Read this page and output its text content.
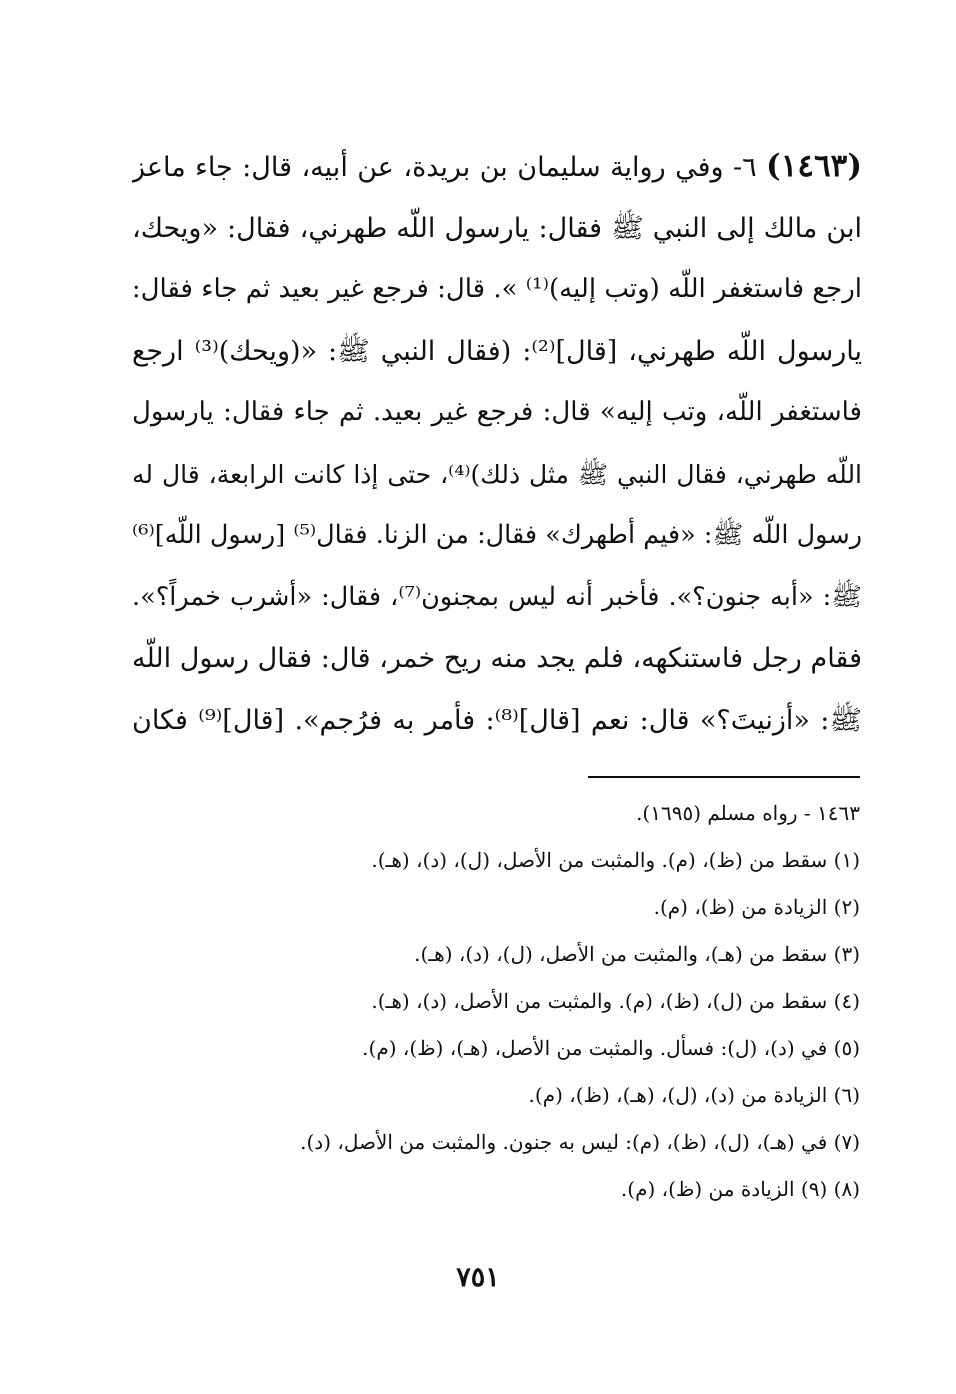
(١٤٦٣) ٦- وفي رواية سليمان بن بريدة، عن أبيه، قال: جاء ماعز
ابن مالك إلى النبي ﷺ فقال: يارسول اللّه طهرني، فقال: «ويحك،
ارجع فاستغفر اللّه (وتب إليه)⁽¹⁾ ». قال: فرجع غير بعيد ثم جاء فقال:
يارسول اللّه طهرني، [قال]⁽²⁾: (فقال النبي ﷺ: «(ويحك)⁽³⁾ ارجع
فاستغفر اللّه، وتب إليه» قال: فرجع غير بعيد. ثم جاء فقال: يارسول
اللّه طهرني، فقال النبي ﷺ مثل ذلك)⁽⁴⁾، حتى إذا كانت الرابعة، قال له
رسول اللّه ﷺ: «فيم أطهرك» فقال: من الزنا. فقال⁽⁵⁾ [رسول اللّه]⁽⁶⁾
ﷺ: «أبه جنون؟». فأخبر أنه ليس بمجنون⁽⁷⁾، فقال: «أشرب خمراً؟».
فقام رجل فاستنكهه، فلم يجد منه ريح خمر، قال: فقال رسول اللّه
ﷺ: «أزنيتَ؟» قال: نعم [قال]⁽⁸⁾: فأمر به فرُجم». [قال]⁽⁹⁾ فكان
١٤٦٣ - رواه مسلم (١٦٩٥).
(١) سقط من (ظ)، (م). والمثبت من الأصل، (ل)، (د)، (هـ).
(٢) الزيادة من (ظ)، (م).
(٣) سقط من (هـ)، والمثبت من الأصل، (ل)، (د)، (هـ).
(٤) سقط من (ل)، (ظ)، (م). والمثبت من الأصل، (د)، (هـ).
(٥) في (د)، (ل): فسأل. والمثبت من الأصل، (هـ)، (ظ)، (م).
(٦) الزيادة من (د)، (ل)، (هـ)، (ظ)، (م).
(٧) في (هـ)، (ل)، (ظ)، (م): ليس به جنون. والمثبت من الأصل، (د).
(٨) (٩) الزيادة من (ظ)، (م).
٧٥١
